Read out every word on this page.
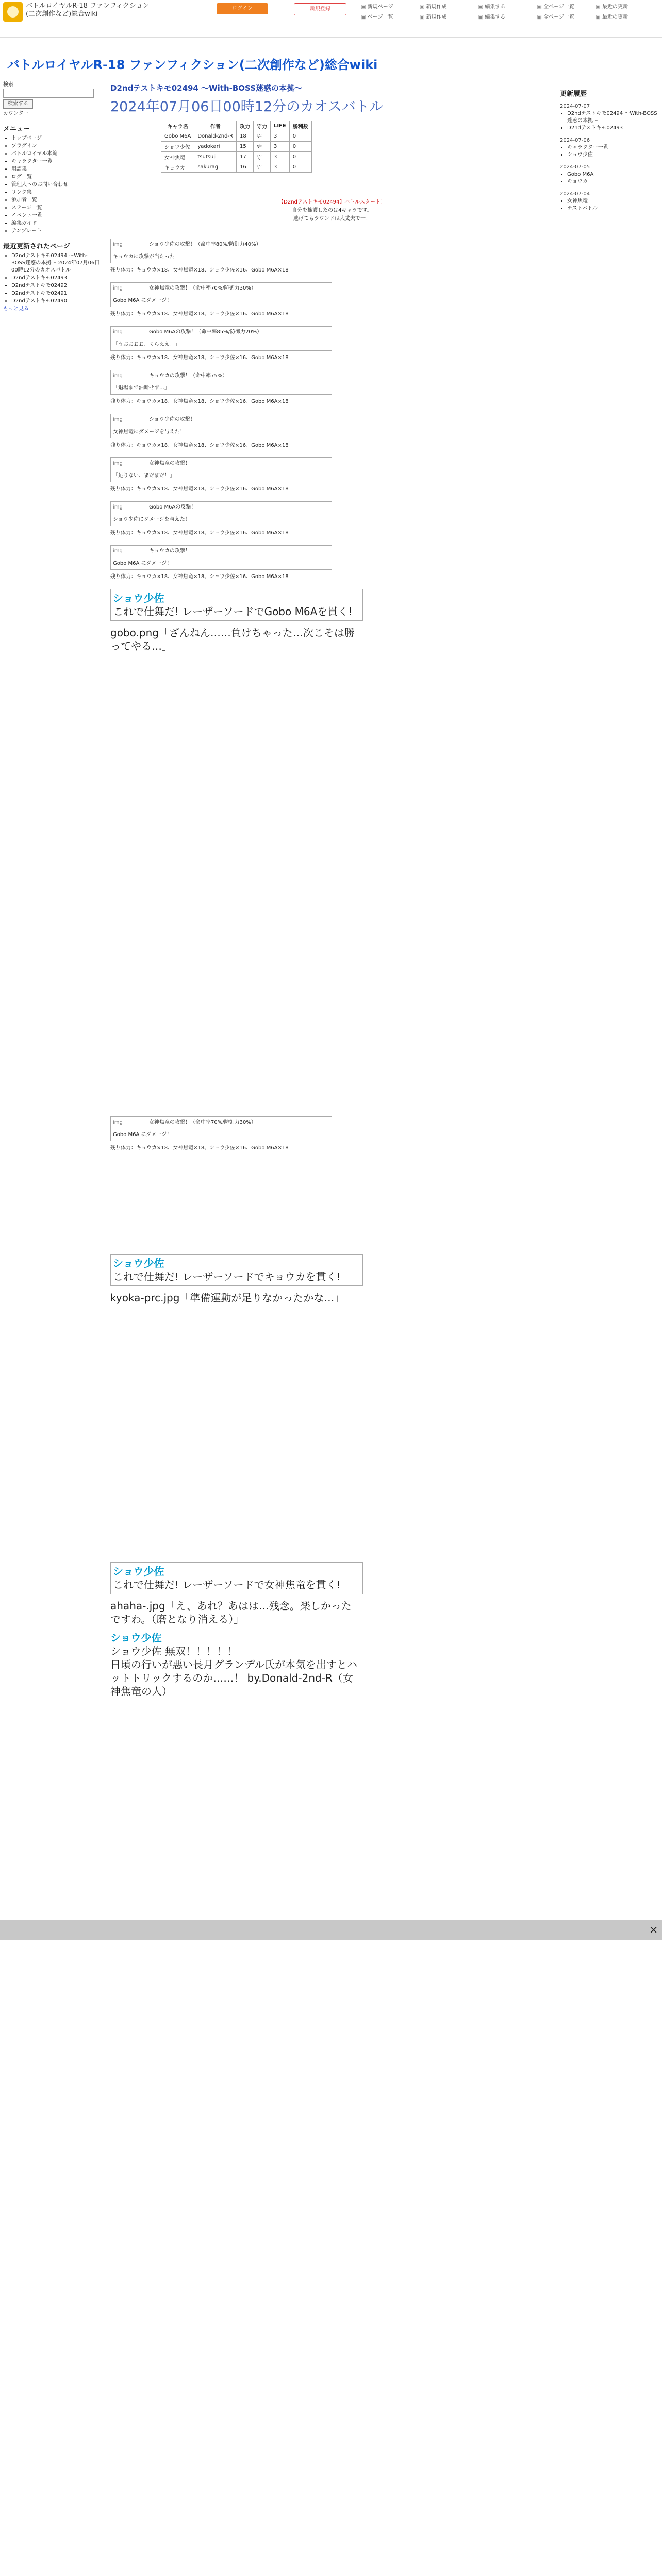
バトルロイヤルR-18 ファンフィクション(二次創作など)総合wiki
ログイン	新規登録	▣ 新規ページ	▣ 新規作成	▣ 編集する	▣ 全ページ一覧	▣ 最近の更新 ▣ ページ一覧	▣ 新規作成	▣ 編集する	▣ 全ページ一覧	▣ 最近の更新
バトルロイヤルR-18 ファンフィクション(二次創作など)総合wiki
検索
検索する
カウンター
メニュー
• トップページ
• プラグイン
• バトルロイヤル本編
• キャラクター一覧
• 用語集
• ログ一覧
• 管理人へのお問い合わせ
• リンク集
• 参加者一覧
• ステージ一覧
• イベント一覧
• 編集ガイド
• テンプレート
最近更新されたページ
• D2ndテストキモ02494 ～With-BOSS迷惑の本拠～ 2024年07月06日00時12分のカオスバトル
• D2ndテストキモ02493
• D2ndテストキモ02492
• D2ndテストキモ02491
• D2ndテストキモ02490
もっと見る
更新履歴
2024-07-07
• D2ndテストキモ02494 ～With-BOSS迷惑の本拠～
• D2ndテストキモ02493
2024-07-06
• キャラクター一覧
• ショウ少佐
2024-07-05
• Gobo M6A
• キョウカ
2024-07-04
• 女神焦竜
• テストバトル
D2ndテストキモ02494 ～With-BOSS迷惑の本拠～
2024年07月06日00時12分のカオスバトル
キャラ名	作者	攻力	守力	LIFE	勝利数
Gobo M6A	Donald-2nd-R	18	守	3	0
ショウ少佐	yadokari	15	守	3	0
女神焦竜	tsutsuji	17	守	3	0
キョウカ	sakuragi	16	守	3	0
【D2ndテストキモ02494】バトルスタート！
自分を擁護したのは4キャラです。
逃げてもラウンドは大丈夫で一！
img	ショウ少佐の攻撃！（命中率80%/防御力40%）
キョウカに攻撃が当たった！
残り体力：キョウカ×18、女神焦竜×18、ショウ少佐×16、Gobo M6A×18
img	女神焦竜の攻撃！（命中率70%/防御力30%）
Gobo M6A にダメージ！
残り体力：キョウカ×18、女神焦竜×18、ショウ少佐×16、Gobo M6A×18
img	Gobo M6Aの攻撃！（命中率85%/防御力20%）
「うおおおお、くらええ！」
残り体力：キョウカ×18、女神焦竜×18、ショウ少佐×16、Gobo M6A×18
img	キョウカの攻撃！（命中率75%）
「退場まで油断せず…」
残り体力：キョウカ×18、女神焦竜×18、ショウ少佐×16、Gobo M6A×18
img	ショウ少佐の攻撃！
女神焦竜にダメージを与えた！
残り体力：キョウカ×18、女神焦竜×18、ショウ少佐×16、Gobo M6A×18
img	女神焦竜の攻撃！
「足りない、まだまだ！」
残り体力：キョウカ×18、女神焦竜×18、ショウ少佐×16、Gobo M6A×18
img	Gobo M6Aの反撃！
ショウ少佐にダメージを与えた！
残り体力：キョウカ×18、女神焦竜×18、ショウ少佐×16、Gobo M6A×18
img	キョウカの攻撃！
Gobo M6A にダメージ！
残り体力：キョウカ×18、女神焦竜×18、ショウ少佐×16、Gobo M6A×18
ショウ少佐
これで仕舞だ! レーザーソードでGobo M6Aを貫く!
gobo.png「ざんねん……負けちゃった…次こそは勝ってやる…」
img	女神焦竜の攻撃！（命中率70%/防御力30%）
Gobo M6A にダメージ！
残り体力：キョウカ×18、女神焦竜×18、ショウ少佐×16、Gobo M6A×18
ショウ少佐
これで仕舞だ! レーザーソードでキョウカを貫く!
kyoka-prc.jpg「準備運動が足りなかったかな…」
ショウ少佐
これで仕舞だ! レーザーソードで女神焦竜を貫く!
ahaha-.jpg「え、あれ？あはは…残念。楽しかったですわ。（磨となり消える）」
ショウ少佐
ショウ少佐 無双！！！！！
日頃の行いが悪い長月グランデル氏が本気を出すとハットトリックするのか……！ by.Donald-2nd-R（女神焦竜の人）
✕
